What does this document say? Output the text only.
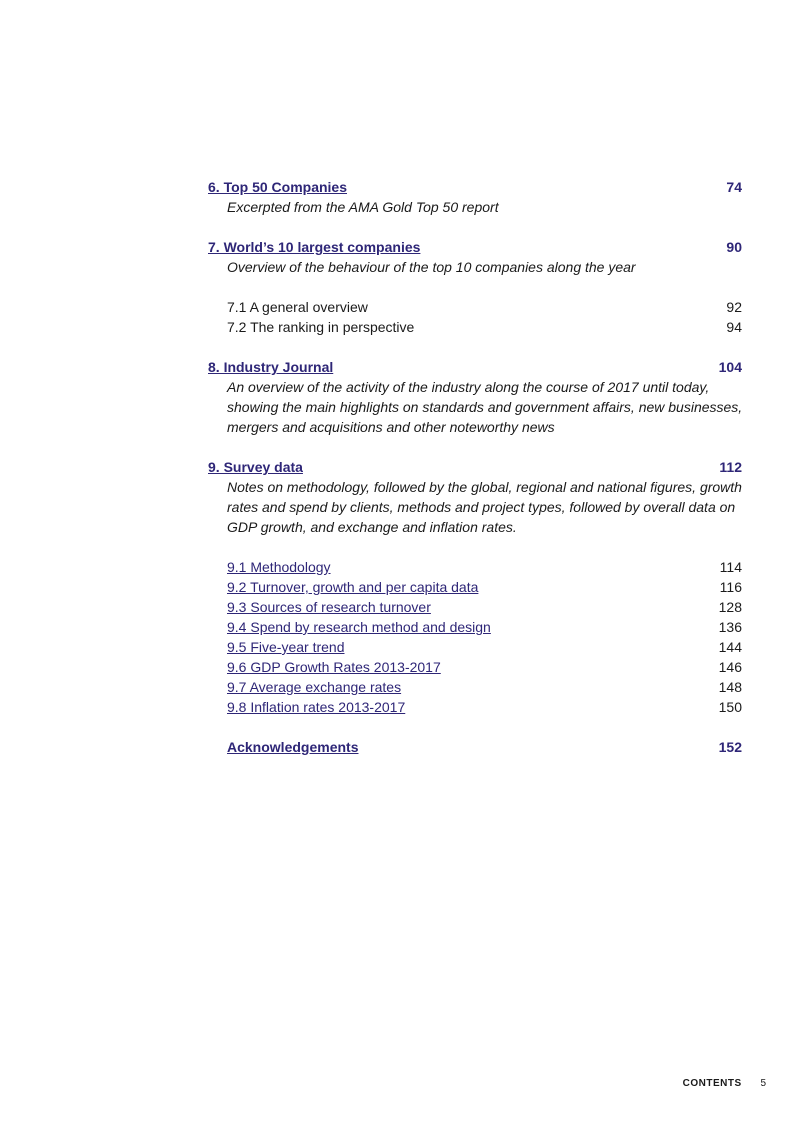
6. Top 50 Companies	74
Excerpted from the AMA Gold Top 50 report
7. World’s 10 largest companies	90
Overview of the behaviour of the top 10 companies along the year
7.1 A general overview	92
7.2 The ranking in perspective	94
8. Industry Journal	104
An overview of the activity of the industry along the course of 2017 until today, showing the main highlights on standards and government affairs, new businesses, mergers and acquisitions and other noteworthy news
9. Survey data	112
Notes on methodology, followed by the global, regional and national figures, growth rates and spend by clients, methods and project types, followed by overall data on GDP growth, and exchange and inflation rates.
9.1 Methodology	114
9.2 Turnover, growth and per capita data	116
9.3 Sources of research turnover	128
9.4 Spend by research method and design	136
9.5 Five-year trend	144
9.6 GDP Growth Rates 2013-2017	146
9.7 Average exchange rates	148
9.8 Inflation rates 2013-2017	150
Acknowledgements	152
CONTENTS 5
